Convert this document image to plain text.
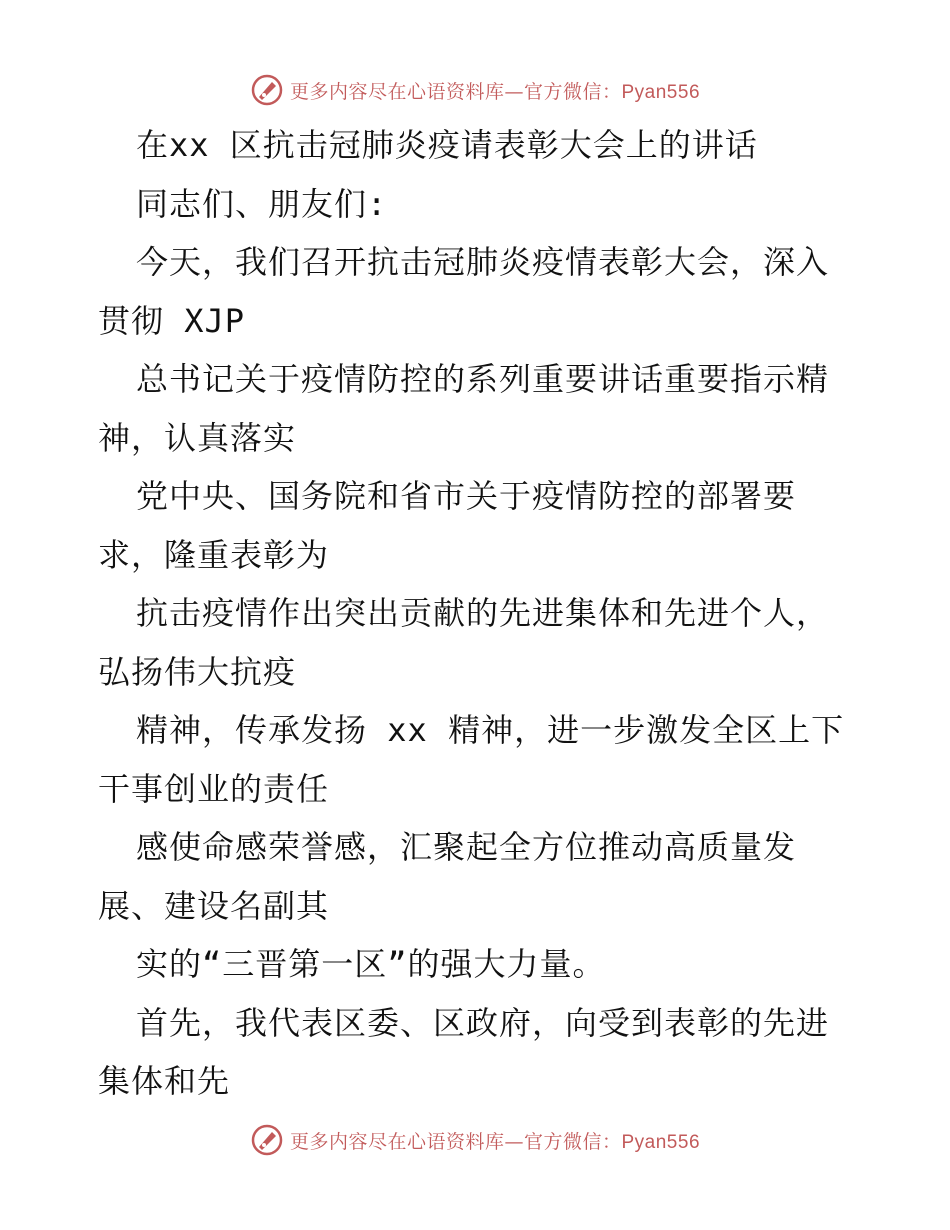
更多内容尽在心语资料库—官方微信：Pyan556
在xx 区抗击冠肺炎疫请表彰大会上的讲话
同志们、朋友们:
今天，我们召开抗击冠肺炎疫情表彰大会，深入
贯彻 XJP
总书记关于疫情防控的系列重要讲话重要指示精
神，认真落实
党中央、国务院和省市关于疫情防控的部署要
求，隆重表彰为
抗击疫情作出突出贡献的先进集体和先进个人，
弘扬伟大抗疫
精神，传承发扬 xx 精神，进一步激发全区上下
干事创业的责任
感使命感荣誉感，汇聚起全方位推动高质量发
展、建设名副其
实的“三晋第一区”的强大力量。
首先，我代表区委、区政府，向受到表彰的先进
集体和先
更多内容尽在心语资料库—官方微信：Pyan556
